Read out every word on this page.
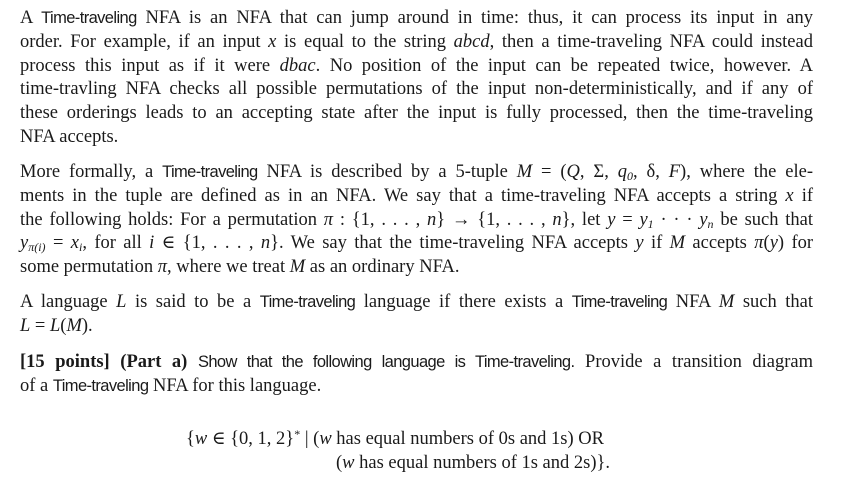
A Time-traveling NFA is an NFA that can jump around in time: thus, it can process its input in any
order. For example, if an input x is equal to the string abcd, then a time-traveling NFA could instead
process this input as if it were dbac. No position of the input can be repeated twice, however. A
time-travling NFA checks all possible permutations of the input non-deterministically, and if any of
these orderings leads to an accepting state after the input is fully processed, then the time-traveling
NFA accepts.
More formally, a Time-traveling NFA is described by a 5-tuple M = (Q, Σ, $q_0$, δ, F), where the ele-
ments in the tuple are defined as in an NFA. We say that a time-traveling NFA accepts a string x if
the following holds: For a permutation π : {1, . . . , n} → {1, . . . , n}, let $y = y_1$ · · · $y_n$ be such that
$y_{\pi(i)} = x_i$, for all i ∈ {1, . . . , n}. We say that the time-traveling NFA accepts y if M accepts π(y) for
some permutation π, where we treat M as an ordinary NFA.
A language L is said to be a Time-traveling language if there exists a Time-traveling NFA M such that
L = L(M).
[15 points] (Part a) Show that the following language is Time-traveling. Provide a transition diagram
of a Time-traveling NFA for this language.
{w ∈ {0, 1, 2}* | (w has equal numbers of 0s and 1s) OR
(w has equal numbers of 1s and 2s)}.
